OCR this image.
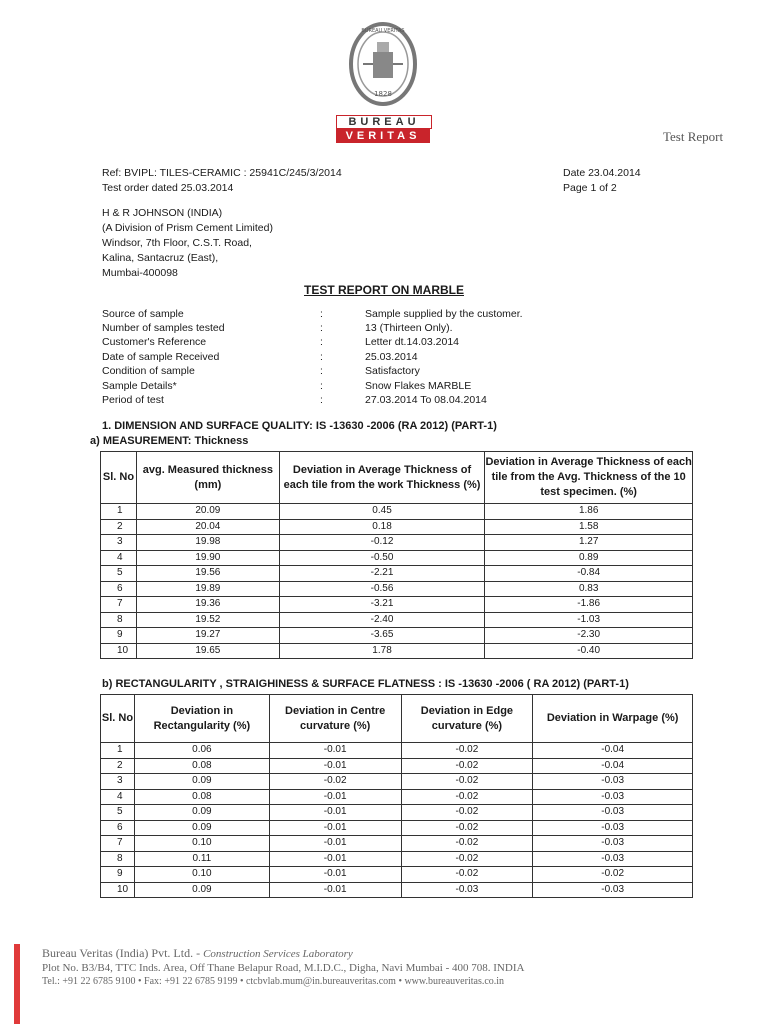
1828
BUREAU VERITAS
BUREAU
VERITAS	Test Report
Ref: BVIPL: TILES-CERAMIC : 25941C/245/3/2014
Test order dated 25.03.2014
Date 23.04.2014
Page 1 of 2
H & R JOHNSON (INDIA)
(A Division of Prism Cement Limited)
Windsor, 7th Floor, C.S.T. Road,
Kalina, Santacruz (East),
Mumbai-400098
TEST REPORT ON MARBLE
Source of sample	:	Sample supplied by the customer.
Number of samples tested	:	13 (Thirteen Only).
Customer's Reference	:	Letter dt.14.03.2014
Date of sample Received	:	25.03.2014
Condition of sample	:	Satisfactory
Sample Details*	:	Snow Flakes MARBLE
Period of test	:	27.03.2014 To 08.04.2014
1. DIMENSION AND SURFACE QUALITY: IS -13630 -2006 (RA 2012) (PART-1)
a) MEASUREMENT: Thickness
Sl. No	avg. Measured thickness (mm)	Deviation in Average Thickness of each tile from the work Thickness (%)	Deviation in Average Thickness of each tile from the Avg. Thickness of the 10 test specimen. (%)
1	20.09	0.45	1.86
2	20.04	0.18	1.58
3	19.98	-0.12	1.27
4	19.90	-0.50	0.89
5	19.56	-2.21	-0.84
6	19.89	-0.56	0.83
7	19.36	-3.21	-1.86
8	19.52	-2.40	-1.03
9	19.27	-3.65	-2.30
10	19.65	1.78	-0.40
b) RECTANGULARITY , STRAIGHINESS & SURFACE FLATNESS : IS -13630 -2006 ( RA 2012) (PART-1)
Sl. No	Deviation in Rectangularity (%)	Deviation in Centre curvature (%)	Deviation in Edge curvature (%)	Deviation in Warpage (%)
1	0.06	-0.01	-0.02	-0.04
2	0.08	-0.01	-0.02	-0.04
3	0.09	-0.02	-0.02	-0.03
4	0.08	-0.01	-0.02	-0.03
5	0.09	-0.01	-0.02	-0.03
6	0.09	-0.01	-0.02	-0.03
7	0.10	-0.01	-0.02	-0.03
8	0.11	-0.01	-0.02	-0.03
9	0.10	-0.01	-0.02	-0.02
10	0.09	-0.01	-0.03	-0.03
Bureau Veritas (India) Pvt. Ltd. - Construction Services Laboratory
Plot No. B3/B4, TTC Inds. Area, Off Thane Belapur Road, M.I.D.C., Digha, Navi Mumbai - 400 708. INDIA
Tel.: +91 22 6785 9100 • Fax: +91 22 6785 9199 • ctcbvlab.mum@in.bureauveritas.com • www.bureauveritas.co.in
